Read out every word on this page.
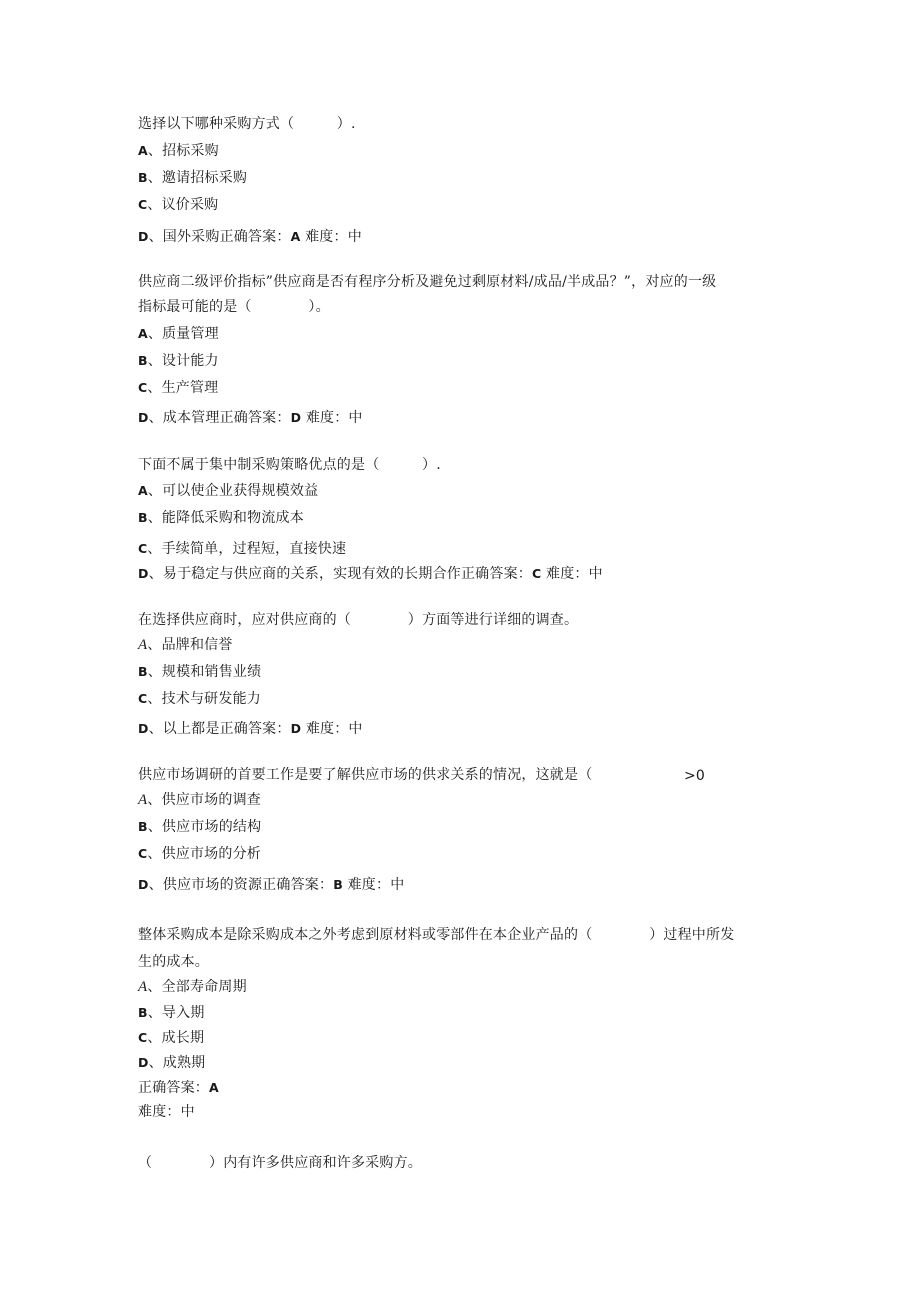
选择以下哪种采购方式（　　　）.
A、招标采购
B、邀请招标采购
C、议价采购
D、国外采购正确答案：A 难度：中
供应商二级评价指标”供应商是否有程序分析及避免过剩原材料/成品/半成品？”，对应的一级
指标最可能的是（　　　　）。
A、质量管理
B、设计能力
C、生产管理
D、成本管理正确答案：D 难度：中
下面不属于集中制采购策略优点的是（　　　）.
A、可以使企业获得规模效益
B、能降低采购和物流成本
C、手续简单，过程短，直接快速
D、易于稳定与供应商的关系，实现有效的长期合作正确答案：C 难度：中
在选择供应商时，应对供应商的（　　　　）方面等进行详细的调查。
A、品牌和信誉
B、规模和销售业绩
C、技术与研发能力
D、以上都是正确答案：D 难度：中
供应市场调研的首要工作是要了解供应市场的供求关系的情况，这就是（	>0
A、供应市场的调查
B、供应市场的结构
C、供应市场的分析
D、供应市场的资源正确答案：B 难度：中
整体采购成本是除采购成本之外考虑到原材料或零部件在本企业产品的（　　　　）过程中所发
生的成本。
A、全部寿命周期
B、导入期
C、成长期
D、成熟期
正确答案：A
难度：中
（　　　　）内有许多供应商和许多采购方。
